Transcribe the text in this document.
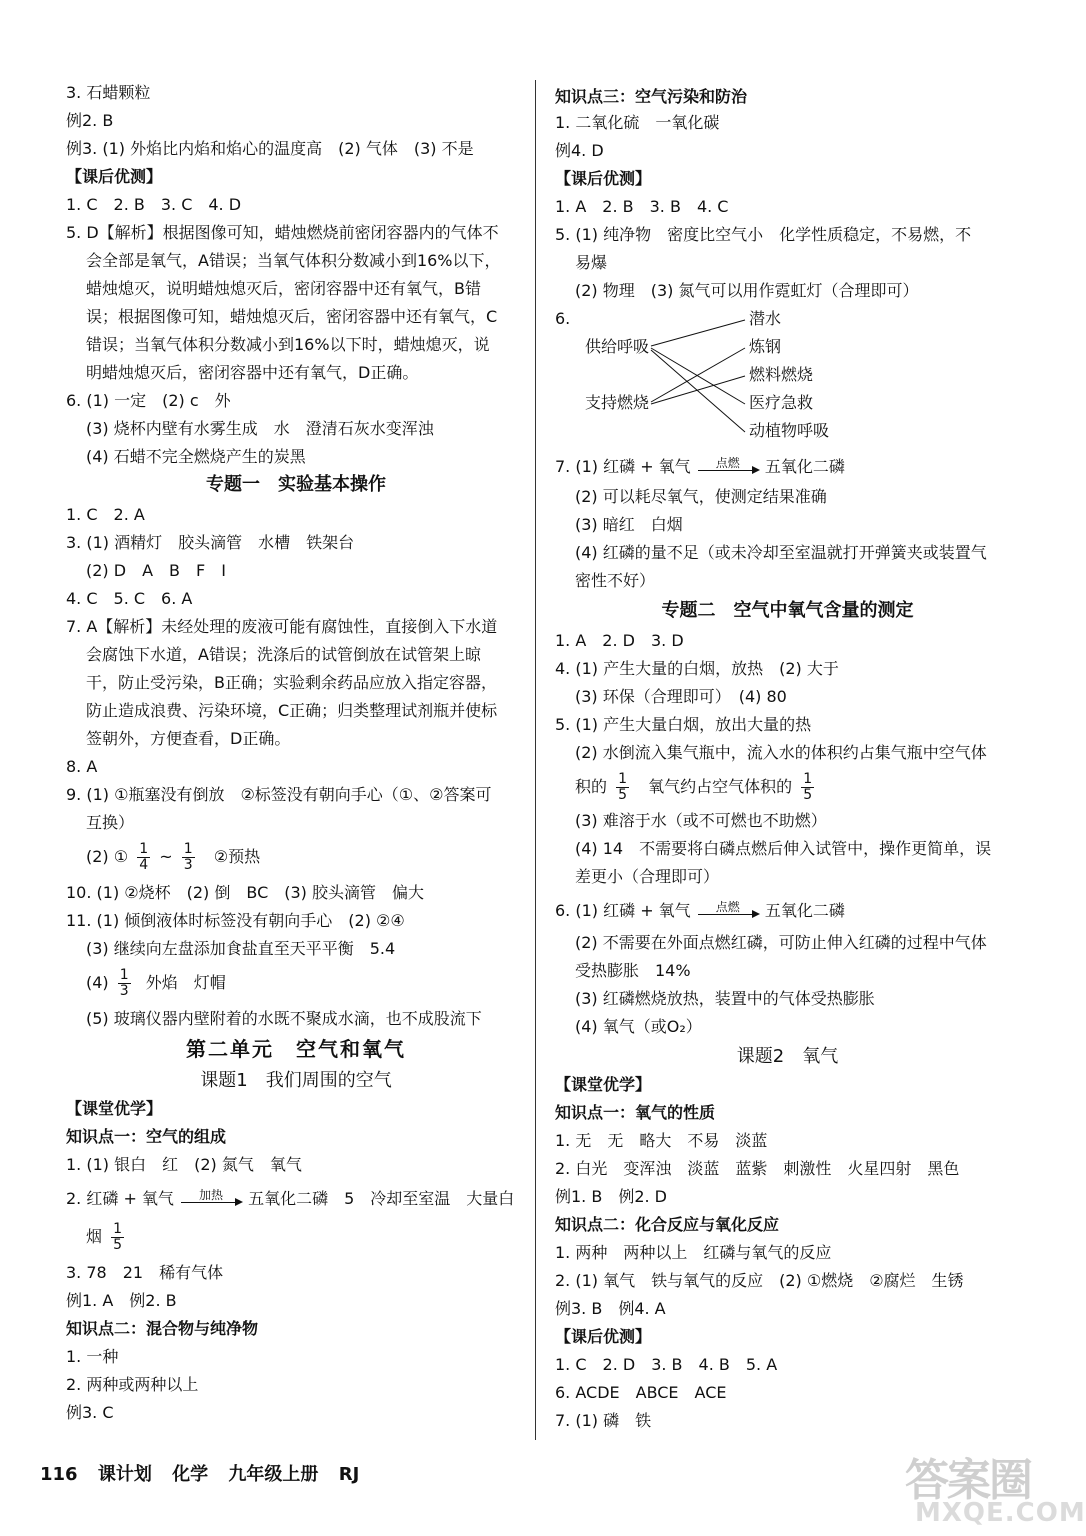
3. 石蜡颗粒
例2. B
例3. (1) 外焰比内焰和焰心的温度高　(2) 气体　(3) 不是
【课后优测】
1. C　2. B　3. C　4. D
5. D【解析】根据图像可知，蜡烛燃烧前密闭容器内的气体不
会全部是氧气，A错误；当氧气体积分数减小到16%以下，
蜡烛熄灭，说明蜡烛熄灭后，密闭容器中还有氧气，B错
误；根据图像可知，蜡烛熄灭后，密闭容器中还有氧气，C
错误；当氧气体积分数减小到16%以下时，蜡烛熄灭，说
明蜡烛熄灭后，密闭容器中还有氧气，D正确。
6. (1) 一定　(2) c　外
(3) 烧杯内壁有水雾生成　水　澄清石灰水变浑浊
(4) 石蜡不完全燃烧产生的炭黑
专题一　实验基本操作
1. C　2. A
3. (1) 酒精灯　胶头滴管　水槽　铁架台
(2) D　A　B　F　I
4. C　5. C　6. A
7. A【解析】未经处理的废液可能有腐蚀性，直接倒入下水道
会腐蚀下水道，A错误；洗涤后的试管倒放在试管架上晾
干，防止受污染，B正确；实验剩余药品应放入指定容器，
防止造成浪费、污染环境，C正确；归类整理试剂瓶并使标
签朝外，方便查看，D正确。
8. A
9. (1) ①瓶塞没有倒放　②标签没有朝向手心（①、②答案可
互换）
(2) ① $\frac{1}{4}$ ~ $\frac{1}{3}$ ②预热
10. (1) ②烧杯　(2) 倒　BC　(3) 胶头滴管　偏大
11. (1) 倾倒液体时标签没有朝向手心　(2) ②④
(3) 继续向左盘添加食盐直至天平平衡　5.4
$(4) \frac{1}{3}$ 外焰　灯帽
(5) 玻璃仪器内壁附着的水既不聚成水滴，也不成股流下
第二单元　空气和氧气
课题1　我们周围的空气
【课堂优学】
知识点一：空气的组成
1. (1) 银白　红　(2) 氮气　氧气
2. 红磷 + 氧气	加热	五氧化二磷　5　冷却至室温　大量白
烟 $\frac{1}{5}$
3. 78　21　稀有气体
例1. A　例2. B
知识点二：混合物与纯净物
1. 一种
2. 两种或两种以上
例3. C
知识点三：空气污染和防治
1. 二氧化硫　一氧化碳
例4. D
【课后优测】
1. A　2. B　3. B　4. C
5. (1) 纯净物　密度比空气小　化学性质稳定，不易燃，不
易爆
(2) 物理　(3) 氮气可以用作霓虹灯（合理即可）
6.
供给呼吸
支持燃烧
潜水
炼钢
燃料燃烧
医疗急救
动植物呼吸
7. (1) 红磷 + 氧气	点燃	五氧化二磷
(2) 可以耗尽氧气，使测定结果准确
(3) 暗红　白烟
(4) 红磷的量不足（或未冷却至室温就打开弹簧夹或装置气
密性不好）
专题二　空气中氧气含量的测定
1. A　2. D　3. D
4. (1) 产生大量的白烟，放热　(2) 大于
(3) 环保（合理即可）　(4) 80
5. (1) 产生大量白烟，放出大量的热
(2) 水倒流入集气瓶中，流入水的体积约占集气瓶中空气体
积的 $\frac{1}{5}$ 氧气约占空气体积的 $\frac{1}{5}$
(3) 难溶于水（或不可燃也不助燃）
(4) 14　不需要将白磷点燃后伸入试管中，操作更简单，误
差更小（合理即可）
6. (1) 红磷 + 氧气	点燃	五氧化二磷
(2) 不需要在外面点燃红磷，可防止伸入红磷的过程中气体
受热膨胀　14%
(3) 红磷燃烧放热，装置中的气体受热膨胀
(4) 氧气（或O₂）
课题2　氧气
【课堂优学】
知识点一：氧气的性质
1. 无　无　略大　不易　淡蓝
2. 白光　变浑浊　淡蓝　蓝紫　刺激性　火星四射　黑色
例1. B　例2. D
知识点二：化合反应与氧化反应
1. 两种　两种以上　红磷与氧气的反应
2. (1) 氧气　铁与氧气的反应　(2) ①燃烧　②腐烂　生锈
例3. B　例4. A
【课后优测】
1. C　2. D　3. B　4. B　5. A
6. ACDE　ABCE　ACE
7. (1) 磷　铁
116 课计划 化学 九年级上册 RJ	答案圈
MXQE.COM
